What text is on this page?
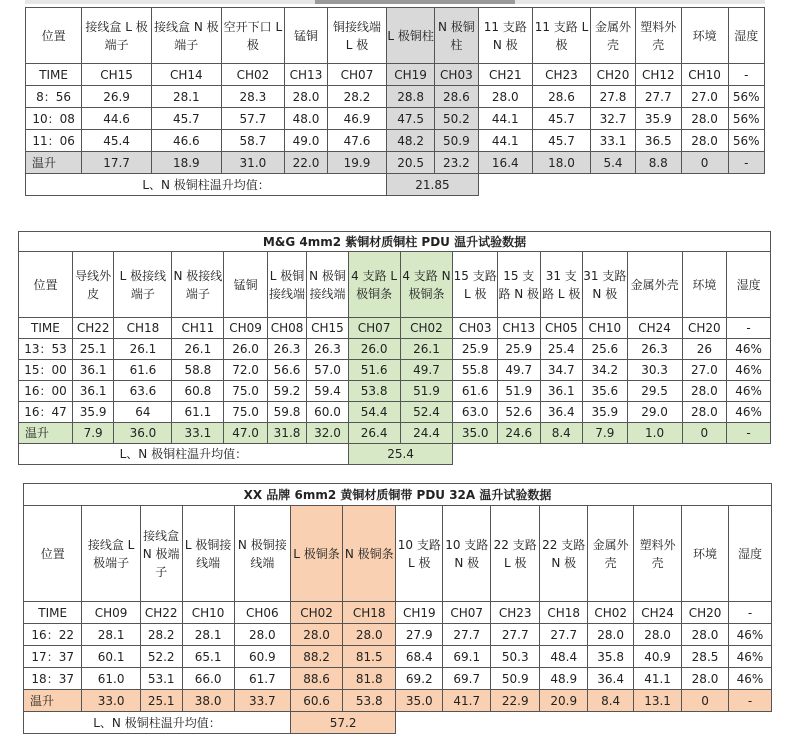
位置	接线盒 L 极端子	接线盒 N 极端子	空开下口 L 极	锰铜	铜接线端 L 极	L 极铜柱	N 极铜柱	11 支路 N 极	11 支路 L 极	金属外壳	塑料外壳	环境	湿度
TIME	CH15	CH14	CH02	CH13	CH07	CH19	CH03	CH21	CH23	CH20	CH12	CH10	-
8：56	26.9	28.1	28.3	28.0	28.2	28.8	28.6	28.0	28.6	27.8	27.7	27.0	56%
10：08	44.6	45.7	57.7	48.0	46.9	47.5	50.2	44.1	45.7	32.7	35.9	28.0	56%
11：06	45.4	46.6	58.7	49.0	47.6	48.2	50.9	44.1	45.7	33.1	36.5	28.0	56%
温升	17.7	18.9	31.0	22.0	19.9	20.5	23.2	16.4	18.0	5.4	8.8	0	-
L、N 极铜柱温升均值：						21.85							
M&G 4mm2 紫铜材质铜柱 PDU 温升试验数据															
位置	导线外皮	L 极接线端子	N 极接线端子	锰铜	L 极铜接线端	N 极铜接线端	4 支路 L 极铜条	4 支路 N 极铜条	15 支路 L 极	15 支路 N 极	31 支路 L 极	31 支路 N 极	金属外壳	环境	湿度
TIME	CH22	CH18	CH11	CH09	CH08	CH15	CH07	CH02	CH03	CH13	CH05	CH10	CH24	CH20	-
13：53	25.1	26.1	26.1	26.0	26.3	26.3	26.0	26.1	25.9	25.9	25.4	25.6	26.3	26	46%
15：00	36.1	61.6	58.8	72.0	56.6	57.0	51.6	49.7	55.8	49.7	34.7	34.2	30.3	27.0	46%
16：00	36.1	63.6	60.8	75.0	59.2	59.4	53.8	51.9	61.6	51.9	36.1	35.6	29.5	28.0	46%
16：47	35.9	64	61.1	75.0	59.8	60.0	54.4	52.4	63.0	52.6	36.4	35.9	29.0	28.0	46%
温升	7.9	36.0	33.1	47.0	31.8	32.0	26.4	24.4	35.0	24.6	8.4	7.9	1.0	0	-
L、N 极铜柱温升均值：							25.4								
XX 品牌 6mm2 黄铜材质铜带 PDU 32A 温升试验数据														
位置	接线盒 L 极端子	接线盒 N 极端子	L 极铜接线端	N 极铜接线端	L 极铜条	N 极铜条	10 支路 L 极	10 支路 N 极	22 支路 L 极	22 支路 N 极	金属外壳	塑料外壳	环境	湿度
TIME	CH09	CH22	CH10	CH06	CH02	CH18	CH19	CH07	CH23	CH18	CH02	CH24	CH20	-
16：22	28.1	28.2	28.1	28.0	28.0	28.0	27.9	27.7	27.7	27.7	28.0	28.0	28.0	46%
17：37	60.1	52.2	65.1	60.9	88.2	81.5	68.4	69.1	50.3	48.4	35.8	40.9	28.5	46%
18：37	61.0	53.1	66.0	61.7	88.6	81.8	69.2	69.7	50.9	48.9	36.4	41.1	28.0	46%
温升	33.0	25.1	38.0	33.7	60.6	53.8	35.0	41.7	22.9	20.9	8.4	13.1	0	-
L、N 极铜柱温升均值：					57.2									
